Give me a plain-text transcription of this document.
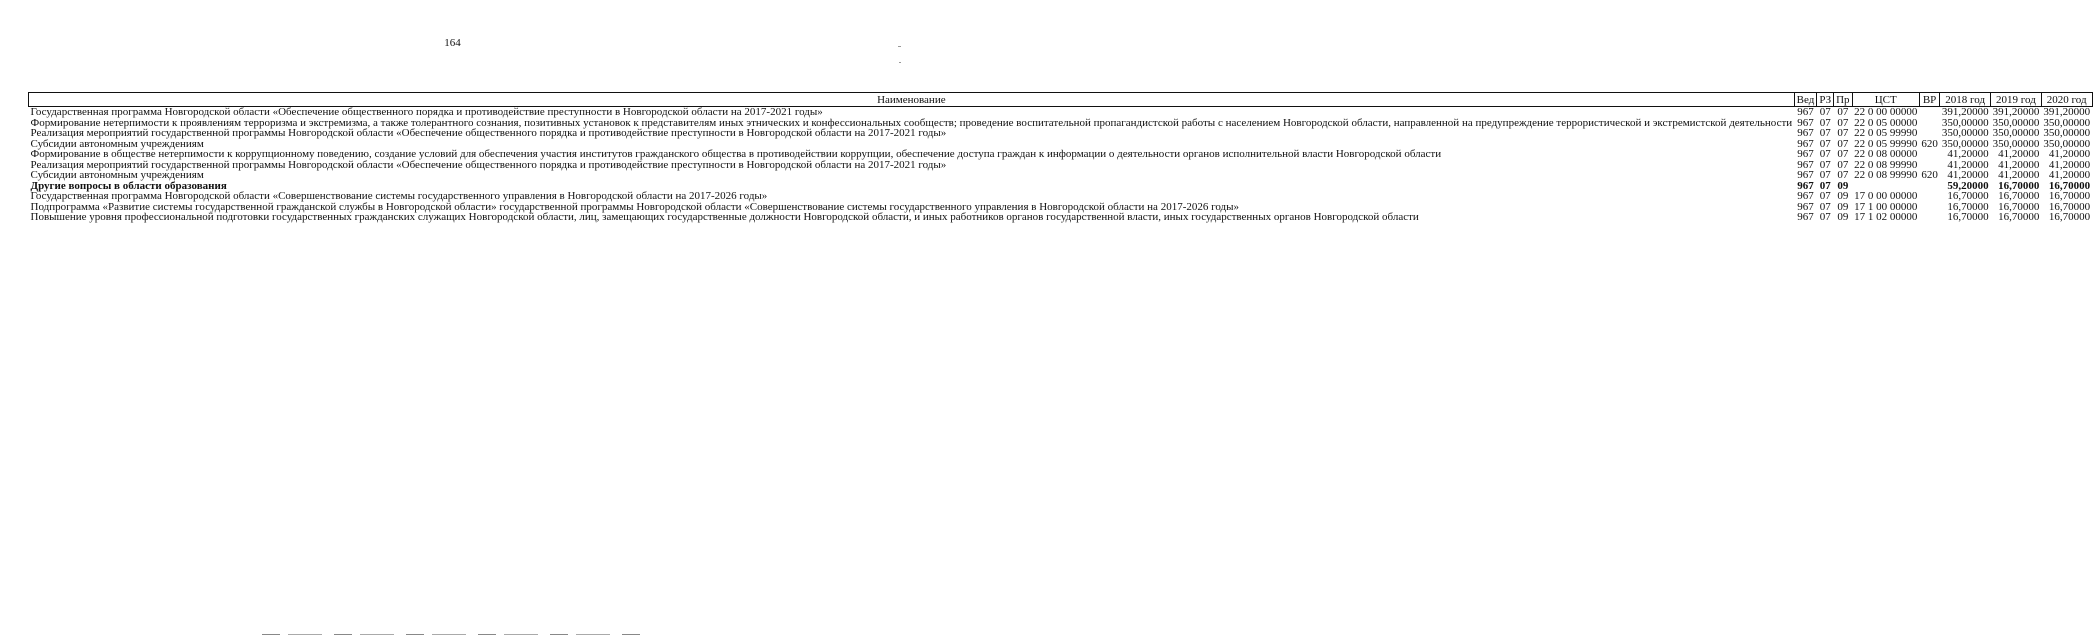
164
Наименование	Вед	РЗ	Пр	ЦСТ	ВР	2018 год	2019 год	2020 год
Государственная программа Новгородской области «Обеспечение общественного порядка и противодействие преступности в Новгородской области на 2017-2021 годы»	967	07	07	22 0 00 00000		391,20000	391,20000	391,20000
Формирование нетерпимости к проявлениям терроризма и экстремизма, а также толерантного сознания, позитивных установок к представителям иных этнических и конфессиональных сообществ; проведение воспитательной пропагандистской работы с населением Новгородской области, направленной на предупреждение террористической и экстремистской деятельности	967	07	07	22 0 05 00000		350,00000	350,00000	350,00000
Реализация мероприятий государственной программы Новгородской области «Обеспечение общественного порядка и противодействие преступности в Новгородской области на 2017-2021 годы»	967	07	07	22 0 05 99990		350,00000	350,00000	350,00000
Субсидии автономным учреждениям	967	07	07	22 0 05 99990	620	350,00000	350,00000	350,00000
Формирование в обществе нетерпимости к коррупционному поведению, создание условий для обеспечения участия институтов гражданского общества в противодействии коррупции, обеспечение доступа граждан к информации о деятельности органов исполнительной власти Новгородской области	967	07	07	22 0 08 00000		41,20000	41,20000	41,20000
Реализация мероприятий государственной программы Новгородской области «Обеспечение общественного порядка и противодействие преступности в Новгородской области на 2017-2021 годы»	967	07	07	22 0 08 99990		41,20000	41,20000	41,20000
Субсидии автономным учреждениям	967	07	07	22 0 08 99990	620	41,20000	41,20000	41,20000
Другие вопросы в области образования	967	07	09			59,20000	16,70000	16,70000
Государственная программа Новгородской области «Совершенствование системы государственного управления в Новгородской области на 2017-2026 годы»	967	07	09	17 0 00 00000		16,70000	16,70000	16,70000
Подпрограмма «Развитие системы государственной гражданской службы в Новгородской области» государственной программы Новгородской области «Совершенствование системы государственного управления в Новгородской области на 2017-2026 годы»	967	07	09	17 1 00 00000		16,70000	16,70000	16,70000
Повышение уровня профессиональной подготовки государственных гражданских служащих Новгородской области, лиц, замещающих государственные должности Новгородской области, и иных работников органов государственной власти, иных государственных органов Новгородской области	967	07	09	17 1 02 00000		16,70000	16,70000	16,70000
